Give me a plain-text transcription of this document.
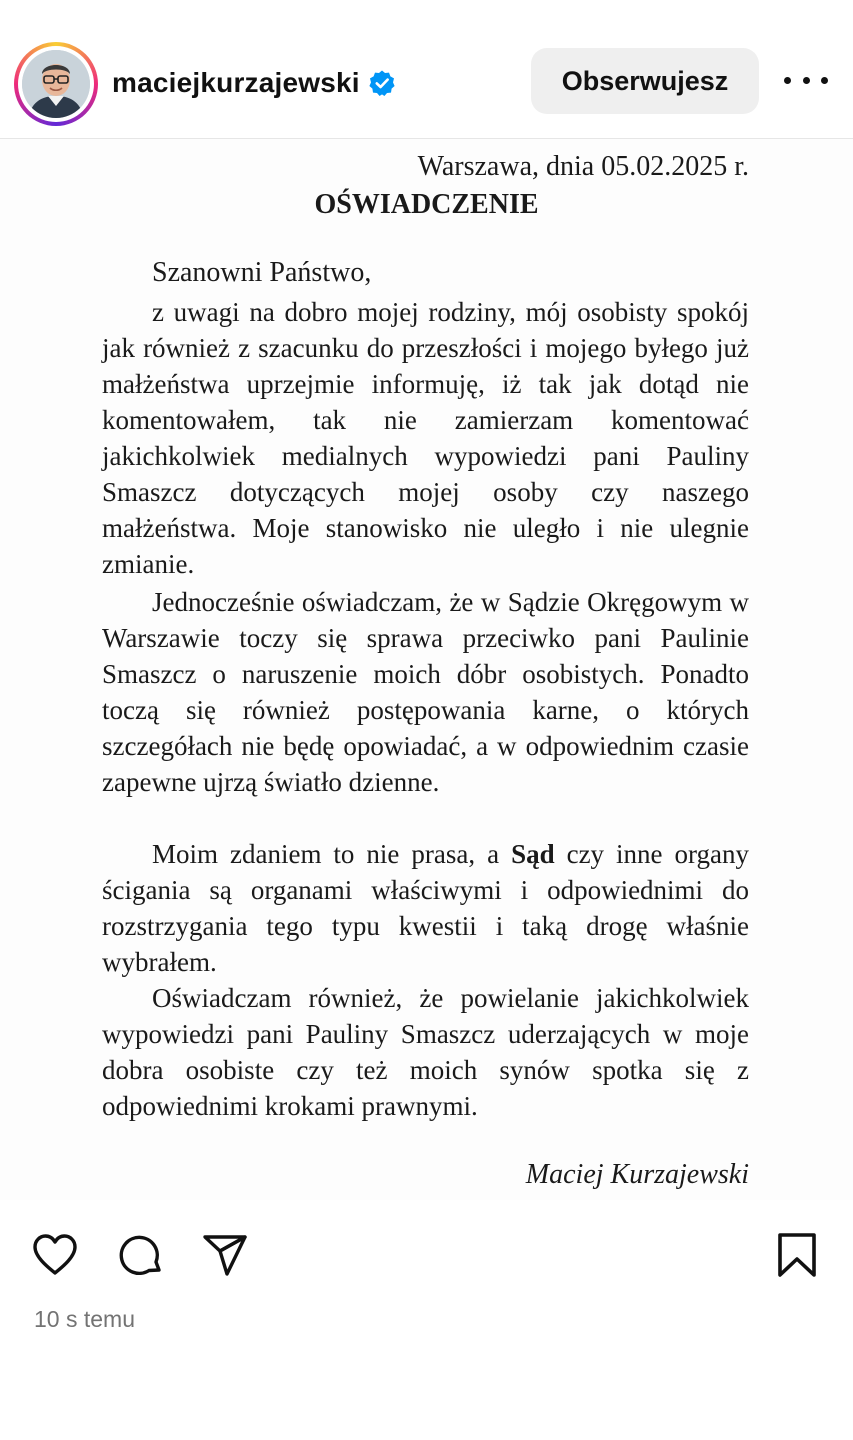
maciejkurzajewski	Obserwujesz
Warszawa, dnia 05.02.2025 r.
OŚWIADCZENIE
Szanowni Państwo,

z uwagi na dobro mojej rodziny, mój osobisty spokój jak również z szacunku do przeszłości i mojego byłego już małżeństwa uprzejmie informuję, iż tak jak dotąd nie komentowałem, tak nie zamierzam komentować jakichkolwiek medialnych wypowiedzi pani Pauliny Smaszcz dotyczących mojej osoby czy naszego małżeństwa. Moje stanowisko nie uległo i nie ulegnie zmianie.

Jednocześnie oświadczam, że w Sądzie Okręgowym w Warszawie toczy się sprawa przeciwko pani Paulinie Smaszcz o naruszenie moich dóbr osobistych. Ponadto toczą się również postępowania karne, o których szczegółach nie będę opowiadać, a w odpowiednim czasie zapewne ujrzą światło dzienne.

Moim zdaniem to nie prasa, a Sąd czy inne organy ścigania są organami właściwymi i odpowiednimi do rozstrzygania tego typu kwestii i taką drogę właśnie wybrałem.

Oświadczam również, że powielanie jakichkolwiek wypowiedzi pani Pauliny Smaszcz uderzających w moje dobra osobiste czy też moich synów spotka się z odpowiednimi krokami prawnymi.

Maciej Kurzajewski
10 s temu
